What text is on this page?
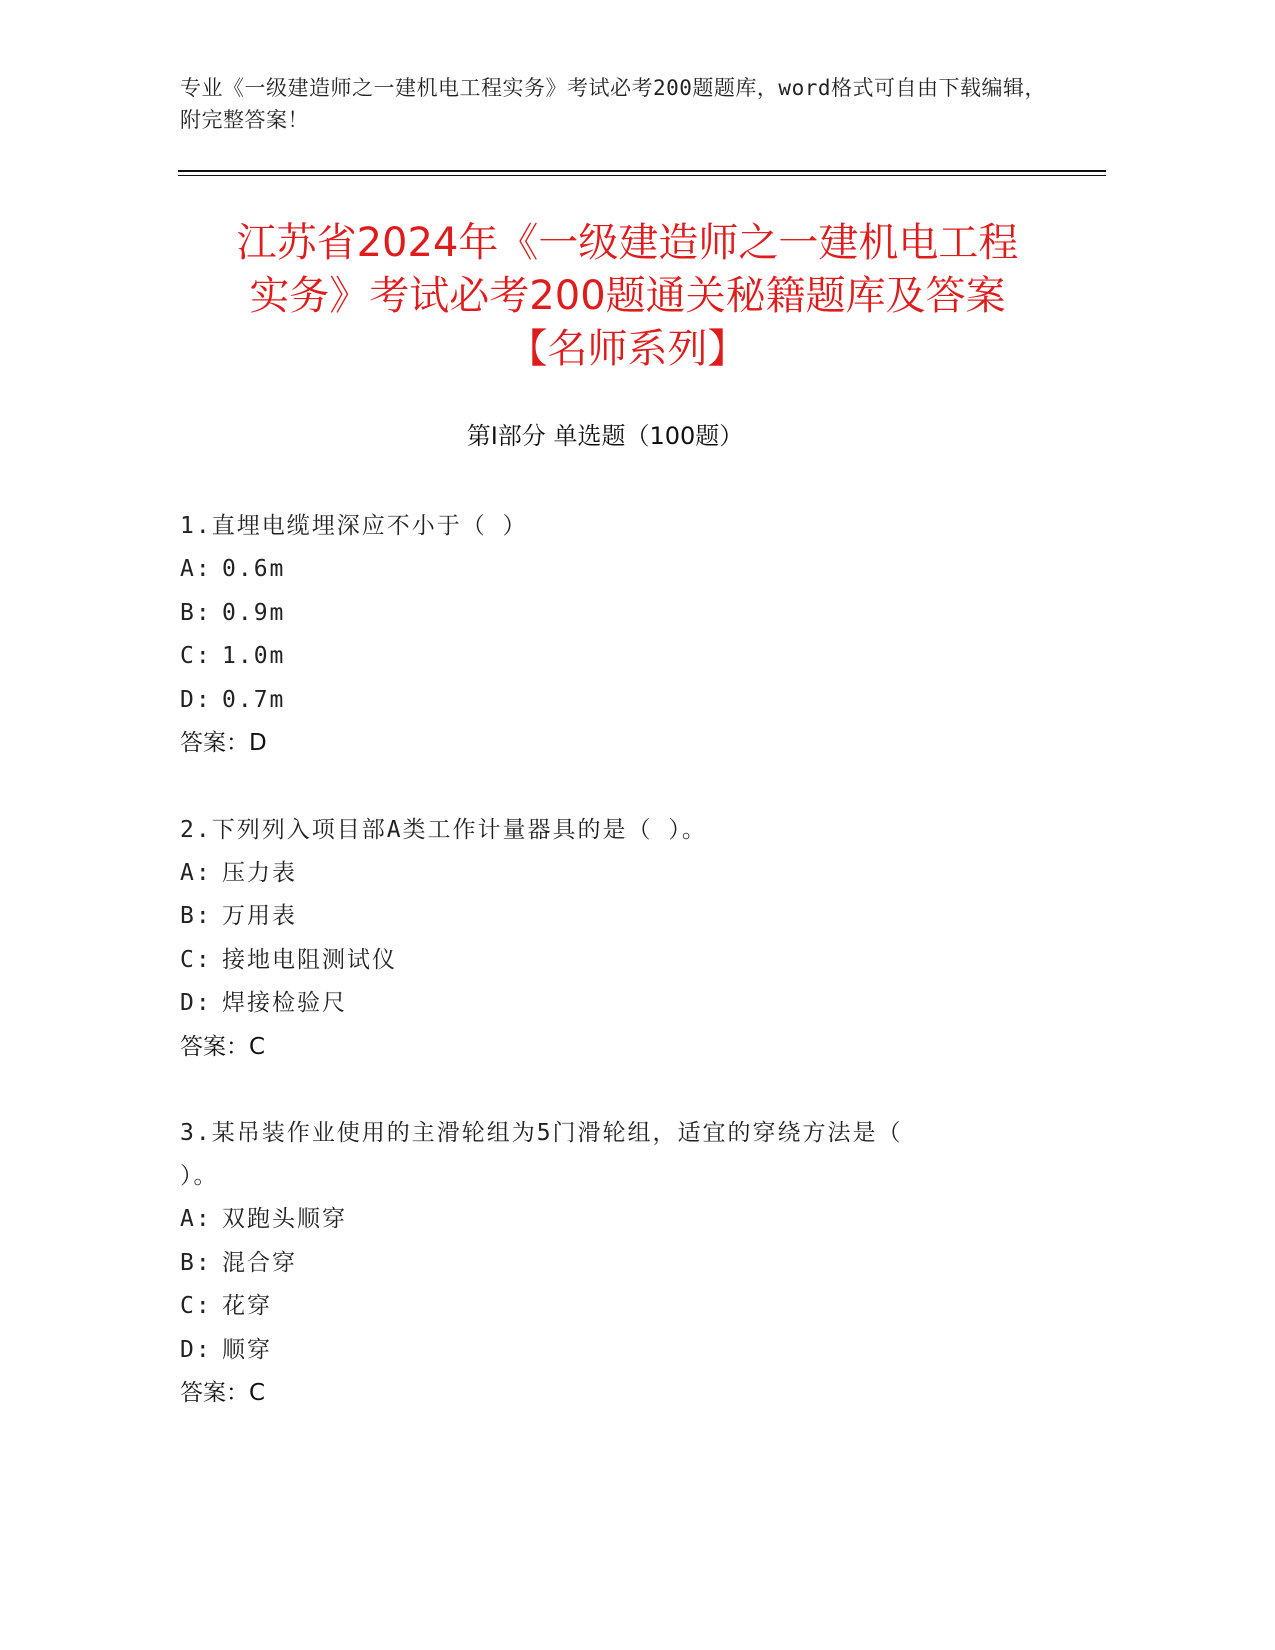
专业《一级建造师之一建机电工程实务》考试必考200题题库，word格式可自由下载编辑，附完整答案！
江苏省2024年《一级建造师之一建机电工程
实务》考试必考200题通关秘籍题库及答案
【名师系列】
第I部分 单选题（100题）

1.直埋电缆埋深应不小于（ ）

A: 0.6m

B: 0.9m

C: 1.0m

D: 0.7m

答案：D

2.下列列入项目部A类工作计量器具的是（ ）。

A: 压力表

B: 万用表

C: 接地电阻测试仪

D: 焊接检验尺

答案：C

3.某吊装作业使用的主滑轮组为5门滑轮组，适宜的穿绕方法是（

）。

A: 双跑头顺穿

B: 混合穿

C: 花穿

D: 顺穿

答案：C
